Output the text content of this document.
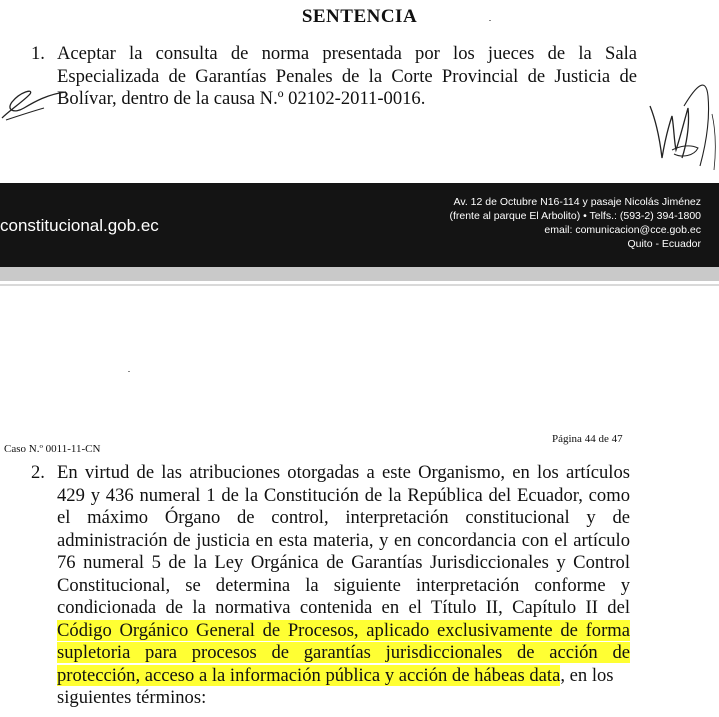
SENTENCIA
1. Aceptar la consulta de norma presentada por los jueces de la Sala
Especializada de Garantías Penales de la Corte Provincial de Justicia de
Bolívar, dentro de la causa N.º 02102-2011-0016.
constitucional.gob.ec
Av. 12 de Octubre N16-114 y pasaje Nicolás Jiménez
(frente al parque El Arbolito) • Telfs.: (593-2) 394-1800
email: comunicacion@cce.gob.ec
Quito - Ecuador
Caso N.º 0011-11-CN
Página 44 de 47
2. En virtud de las atribuciones otorgadas a este Organismo, en los artículos
429 y 436 numeral 1 de la Constitución de la República del Ecuador, como
el máximo Órgano de control, interpretación constitucional y de
administración de justicia en esta materia, y en concordancia con el artículo
76 numeral 5 de la Ley Orgánica de Garantías Jurisdiccionales y Control
Constitucional, se determina la siguiente interpretación conforme y
condicionada de la normativa contenida en el Título II, Capítulo II del
Código Orgánico General de Procesos, aplicado exclusivamente de forma
supletoria para procesos de garantías jurisdiccionales de acción de
protección, acceso a la información pública y acción de hábeas data, en los
siguientes términos:
